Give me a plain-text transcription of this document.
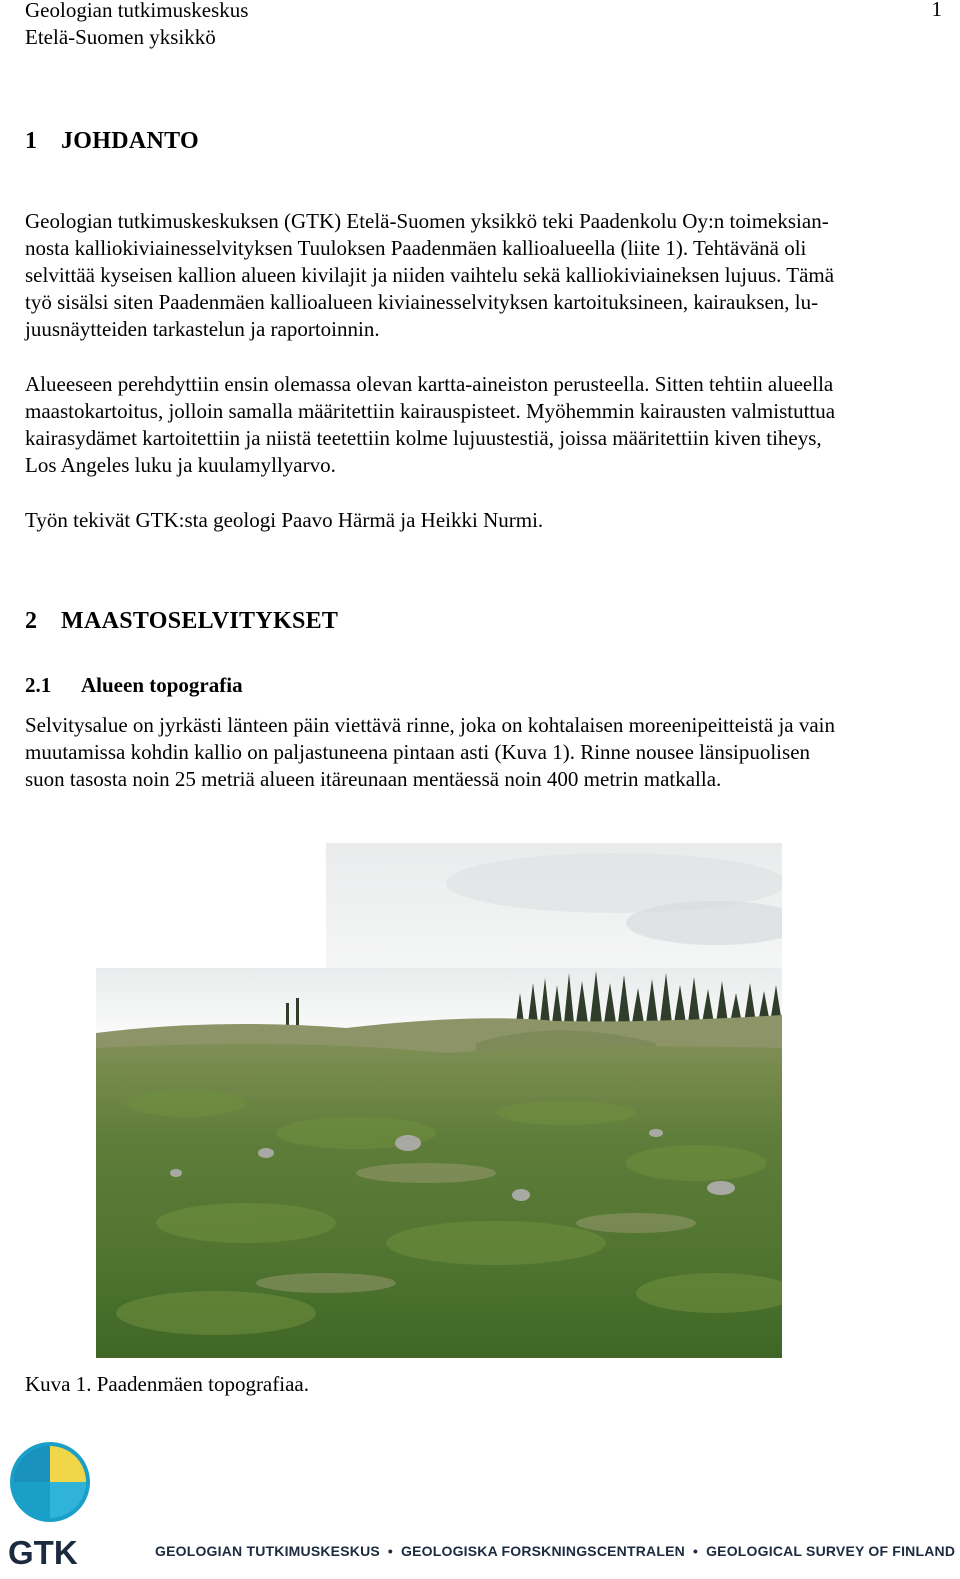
Geologian tutkimuskeskus
Etelä-Suomen yksikkö
1
1 JOHDANTO

Geologian tutkimuskeskuksen (GTK) Etelä-Suomen yksikkö teki Paadenkolu Oy:n toimeksian-
nosta kalliokiviainesselvityksen Tuuloksen Paadenmäen kallioalueella (liite 1). Tehtävänä oli
selvittää kyseisen kallion alueen kivilajit ja niiden vaihtelu sekä kalliokiviaineksen lujuus. Tämä
työ sisälsi siten Paadenmäen kallioalueen kiviainesselvityksen kartoituksineen, kairauksen, lu-
juusnäytteiden tarkastelun ja raportoinnin.

Alueeseen perehdyttiin ensin olemassa olevan kartta-aineiston perusteella. Sitten tehtiin alueella
maastokartoitus, jolloin samalla määritettiin kairauspisteet. Myöhemmin kairausten valmistuttua
kairasydämet kartoitettiin ja niistä teetettiin kolme lujuustestiä, joissa määritettiin kiven tiheys,
Los Angeles luku ja kuulamyllyarvo.

Työn tekivät GTK:sta geologi Paavo Härmä ja Heikki Nurmi.

2 MAASTOSELVITYKSET
2.1 Alueen topografia

Selvitysalue on jyrkästi länteen päin viettävä rinne, joka on kohtalaisen moreenipeitteistä ja vain
muutamissa kohdin kallio on paljastuneena pintaan asti (Kuva 1). Rinne nousee länsipuolisen
suon tasosta noin 25 metriä alueen itäreunaan mentäessä noin 400 metrin matkalla.

Kuva 1. Paadenmäen topografiaa.
GTK	GEOLOGIAN TUTKIMUSKESKUS • GEOLOGISKA FORSKNINGSCENTRALEN • GEOLOGICAL SURVEY OF FINLAND
